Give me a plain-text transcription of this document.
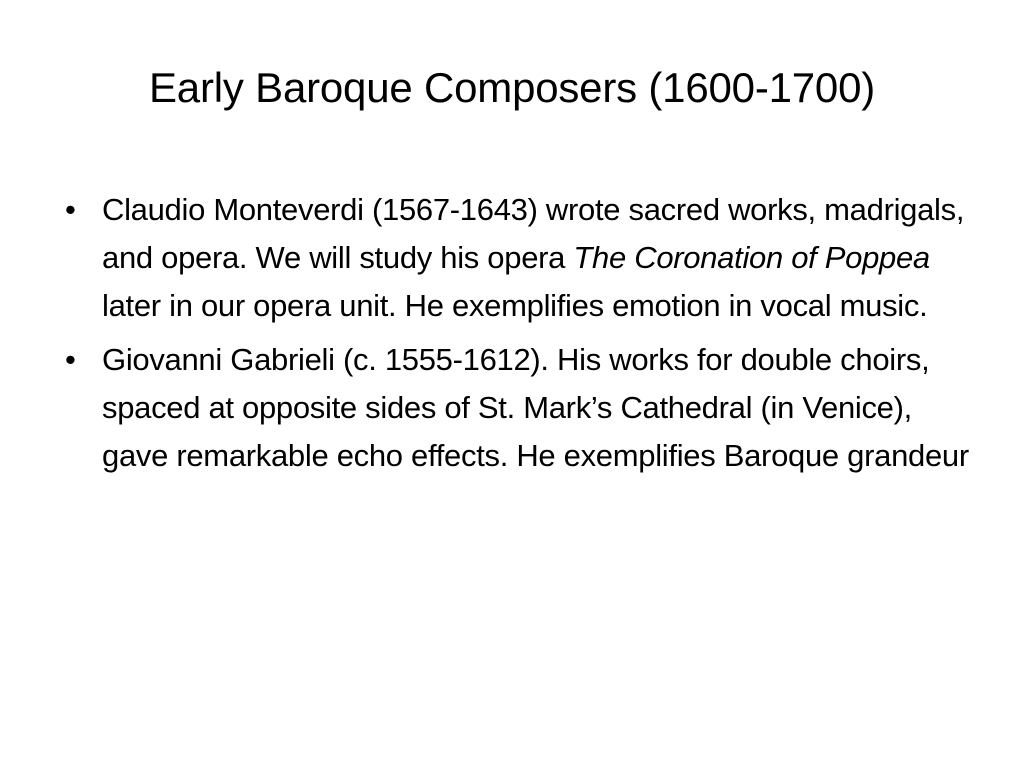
Early Baroque Composers (1600-1700)
• Claudio Monteverdi (1567-1643) wrote sacred works, madrigals, and opera. We will study his opera The Coronation of Poppea later in our opera unit. He exemplifies emotion in vocal music.
• Giovanni Gabrieli (c. 1555-1612). His works for double choirs, spaced at opposite sides of St. Mark’s Cathedral (in Venice), gave remarkable echo effects. He exemplifies Baroque grandeur
